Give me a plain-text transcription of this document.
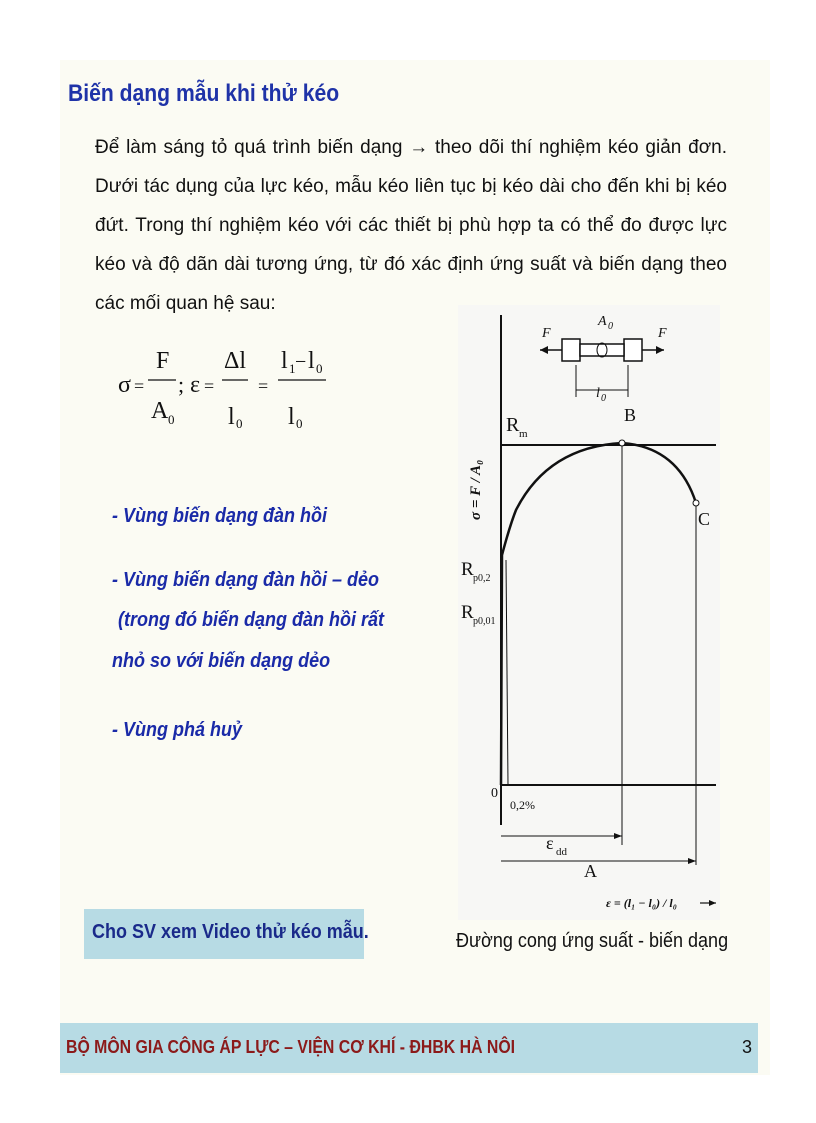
Biến dạng mẫu khi thử kéo
Để làm sáng tỏ quá trình biến dạng → theo dõi thí nghiệm kéo giản đơn. Dưới tác dụng của lực kéo, mẫu kéo liên tục bị kéo dài cho đến khi bị kéo đứt. Trong thí nghiệm kéo với các thiết bị phù hợp ta có thể đo được lực kéo và độ dãn dài tương ứng, từ đó xác định ứng suất và biến dạng theo các mối quan hệ sau:
σ =
F
A 0
; ε =
Δl
l 0
=
l 1 − l 0
l 0
- Vùng biến dạng đàn hồi
- Vùng biến dạng đàn hồi – dẻo
(trong đó biến dạng đàn hồi rất
nhỏ so với biến dạng dẻo
- Vùng phá huỷ
Cho SV xem Video thử kéo mẫu.
F	F
A 0
l 0
σ = F / A₀
R m
B
C
R p0,2
R p0,01
0
0,2%
ε dd
A
ε = (l₁ − l₀) / l₀
Đường cong ứng suất - biến dạng
BỘ MÔN GIA CÔNG ÁP LỰC – VIỆN CƠ KHÍ - ĐHBK HÀ NÔI	3
